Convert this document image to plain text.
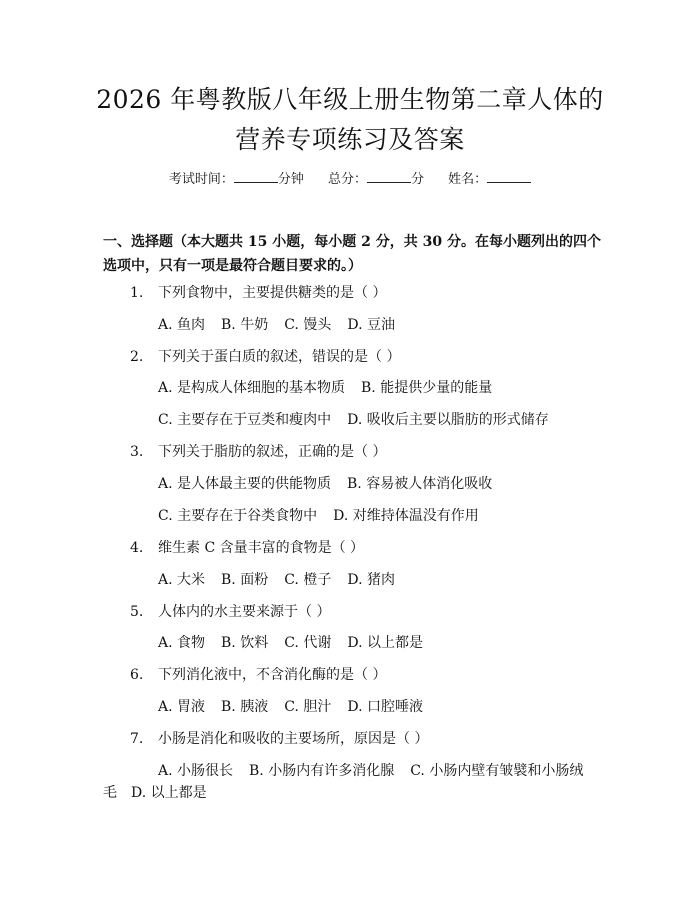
2026 年粤教版八年级上册生物第二章人体的
营养专项练习及答案
考试时间：	分钟 总分：	分 姓名：
一、选择题（本大题共 15 小题，每小题 2 分，共 30 分。在每小题列出的四个选项中，只有一项是最符合题目要求的。）
1. 下列食物中，主要提供糖类的是（ ）
A. 鱼肉 B. 牛奶 C. 馒头 D. 豆油
2. 下列关于蛋白质的叙述，错误的是（ ）
A. 是构成人体细胞的基本物质 B. 能提供少量的能量
C. 主要存在于豆类和瘦肉中 D. 吸收后主要以脂肪的形式储存
3. 下列关于脂肪的叙述，正确的是（ ）
A. 是人体最主要的供能物质 B. 容易被人体消化吸收
C. 主要存在于谷类食物中 D. 对维持体温没有作用
4. 维生素 C 含量丰富的食物是（ ）
A. 大米 B. 面粉 C. 橙子 D. 猪肉
5. 人体内的水主要来源于（ ）
A. 食物 B. 饮料 C. 代谢 D. 以上都是
6. 下列消化液中，不含消化酶的是（ ）
A. 胃液 B. 胰液 C. 胆汁 D. 口腔唾液
7. 小肠是消化和吸收的主要场所，原因是（ ）
A. 小肠很长 B. 小肠内有许多消化腺 C. 小肠内壁有皱襞和小肠绒
毛 D. 以上都是
